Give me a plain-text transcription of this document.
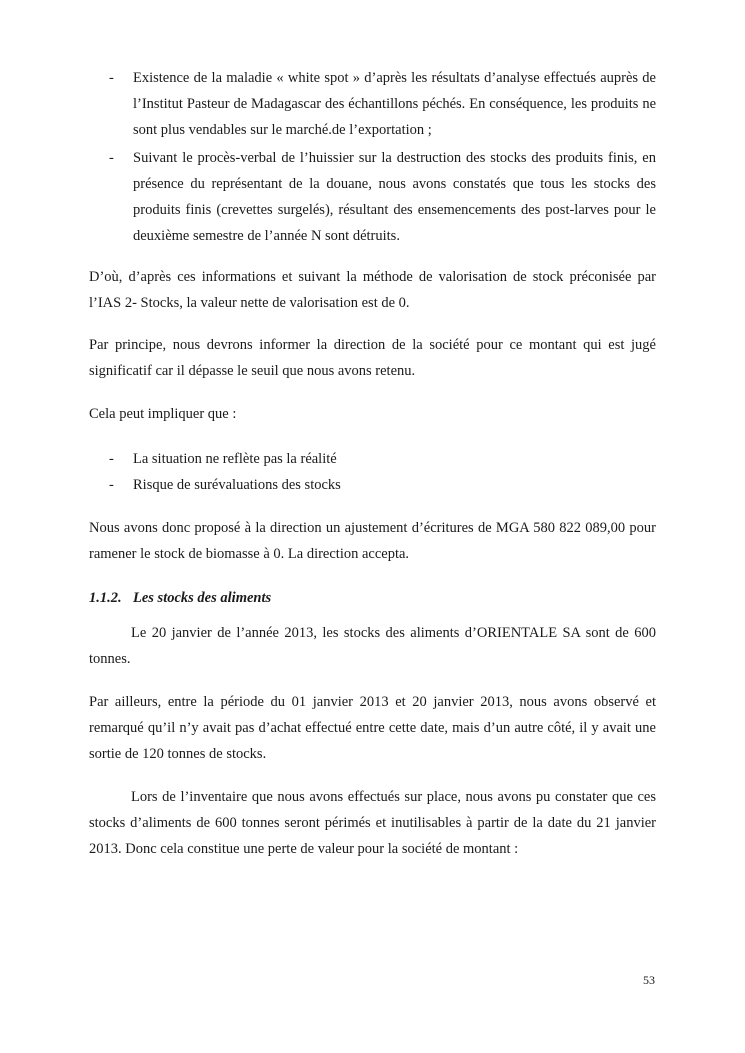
- Existence de la maladie « white spot » d’après les résultats d’analyse effectués auprès de l’Institut Pasteur de Madagascar des échantillons péchés. En conséquence, les produits ne sont plus vendables sur le marché.de l’exportation ;

- Suivant le procès-verbal de l’huissier sur la destruction des stocks des produits finis, en présence du représentant de la douane, nous avons constatés que tous les stocks des produits finis (crevettes surgelés), résultant des ensemencements des post-larves pour le deuxième semestre de l’année N sont détruits.

D’où, d’après ces informations et suivant la méthode de valorisation de stock préconisée par l’IAS 2- Stocks, la valeur nette de valorisation est de 0.

Par principe, nous devrons informer la direction de la société pour ce montant qui est jugé significatif car il dépasse le seuil que nous avons retenu.

Cela peut impliquer que :

- La situation ne reflète pas la réalité

- Risque de surévaluations des stocks

Nous avons donc proposé à la direction un ajustement d’écritures de MGA 580 822 089,00 pour ramener le stock de biomasse à 0. La direction accepta.

1.1.2. Les stocks des aliments

Le 20 janvier de l’année 2013, les stocks des aliments d’ORIENTALE SA sont de 600 tonnes.

Par ailleurs, entre la période du 01 janvier 2013 et 20 janvier 2013, nous avons observé et remarqué qu’il n’y avait pas d’achat effectué entre cette date, mais d’un autre côté, il y avait une sortie de 120 tonnes de stocks.

Lors de l’inventaire que nous avons effectués sur place, nous avons pu constater que ces stocks d’aliments de 600 tonnes seront périmés et inutilisables à partir de la date du 21 janvier 2013. Donc cela constitue une perte de valeur pour la société de montant :

53
